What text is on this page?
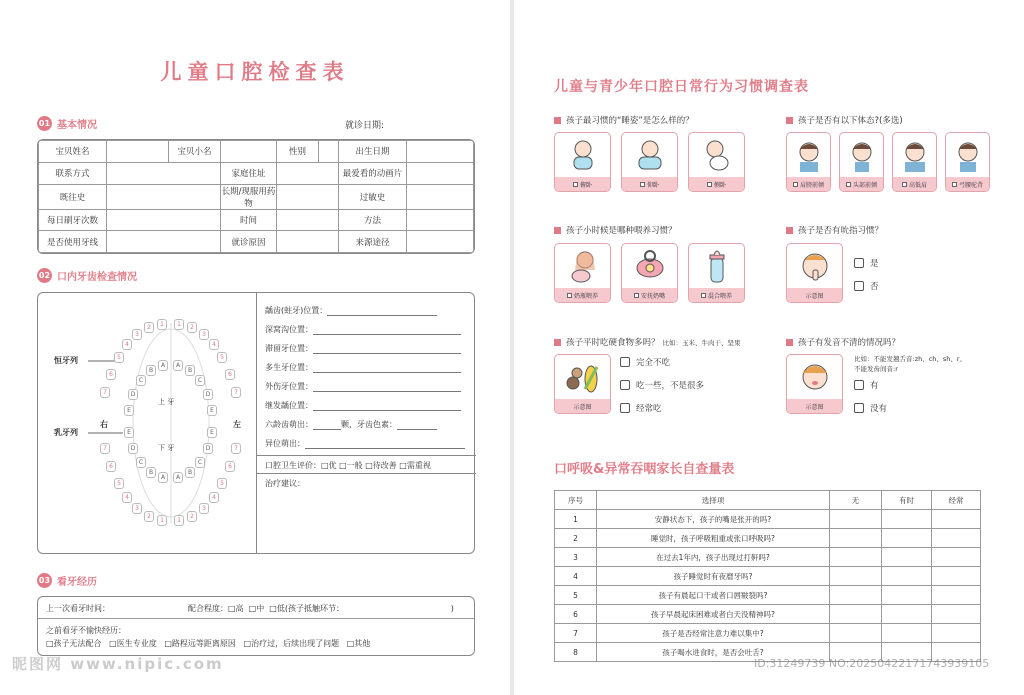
儿童口腔检查表
01 基本情况	就诊日期:
宝贝姓名		宝贝小名		性别		出生日期	
联系方式			家庭住址			最爱看的动画片	
既往史			长期/现服用药物			过敏史	
每日刷牙次数			时间			方法	
是否使用牙线			就诊原因			来源途径	
02 口内牙齿检查情况
恒牙列
乳牙列
右	左
上 牙
下 牙
7
6
5
4
3
2	1	1	2
3
4
5
6
7
E
D
C
B
A	A
B
C
D
E
E
D
C
B
A	A
B
C
D
E
7
6
5
4
3
2
1	1
2
3
4
5
6
7
龋齿(蛀牙)位置：
深窝沟位置：
滞留牙位置：
多生牙位置：
外伤牙位置：
继发龋位置：
六龄齿萌出：	颗，牙齿色素：
异位萌出：
口腔卫生评价：□优 □一般 □待改善 □需重视
治疗建议：
03 看牙经历
上一次看牙时间：	配合程度：□高  □中  □低(孩子抵触环节：                                          )
之前看牙不愉快经历：
□孩子无法配合   □医生专业度   □路程远等距离原因   □治疗过，后续出现了问题   □其他
昵图网 www.nipic.com
儿童与青少年口腔日常行为习惯调查表
孩子最习惯的“睡姿”是怎么样的？
俯卧	仰卧	侧卧
孩子是否有以下体态?(多选)
肩膀前倾	头部前倾	高低肩	弓腰驼背
孩子小时候是哪种喂养习惯？
奶瓶喂养	安抚奶嘴	混合喂养
孩子是否有吮指习惯？
示意图
是
否
孩子平时吃硬食物多吗？ 比如：玉米、牛肉干、坚果
示意图
完全不吃
吃一些，不是很多
经常吃
孩子有发音不清的情况吗？
示意图
比如：不能发翘舌音:zh、ch、sh、r、
不能发齿间音:r
有
没有
口呼吸&异常吞咽家长自查量表
序号	选择项	无	有时	经常
1	安静状态下，孩子的嘴是张开的吗?			
2	睡觉时，孩子呼吸粗重或张口呼吸吗?			
3	在过去1年内，孩子出现过打鼾吗?			
4	孩子睡觉时有夜磨牙吗?			
5	孩子有晨起口干或者口唇皲裂吗?			
6	孩子早晨起床困难或者白天没精神吗?			
7	孩子是否经常注意力难以集中?			
8	孩子喝水进食时，是否会吐舌?			
ID:31249739 NO:20250422171743939105
